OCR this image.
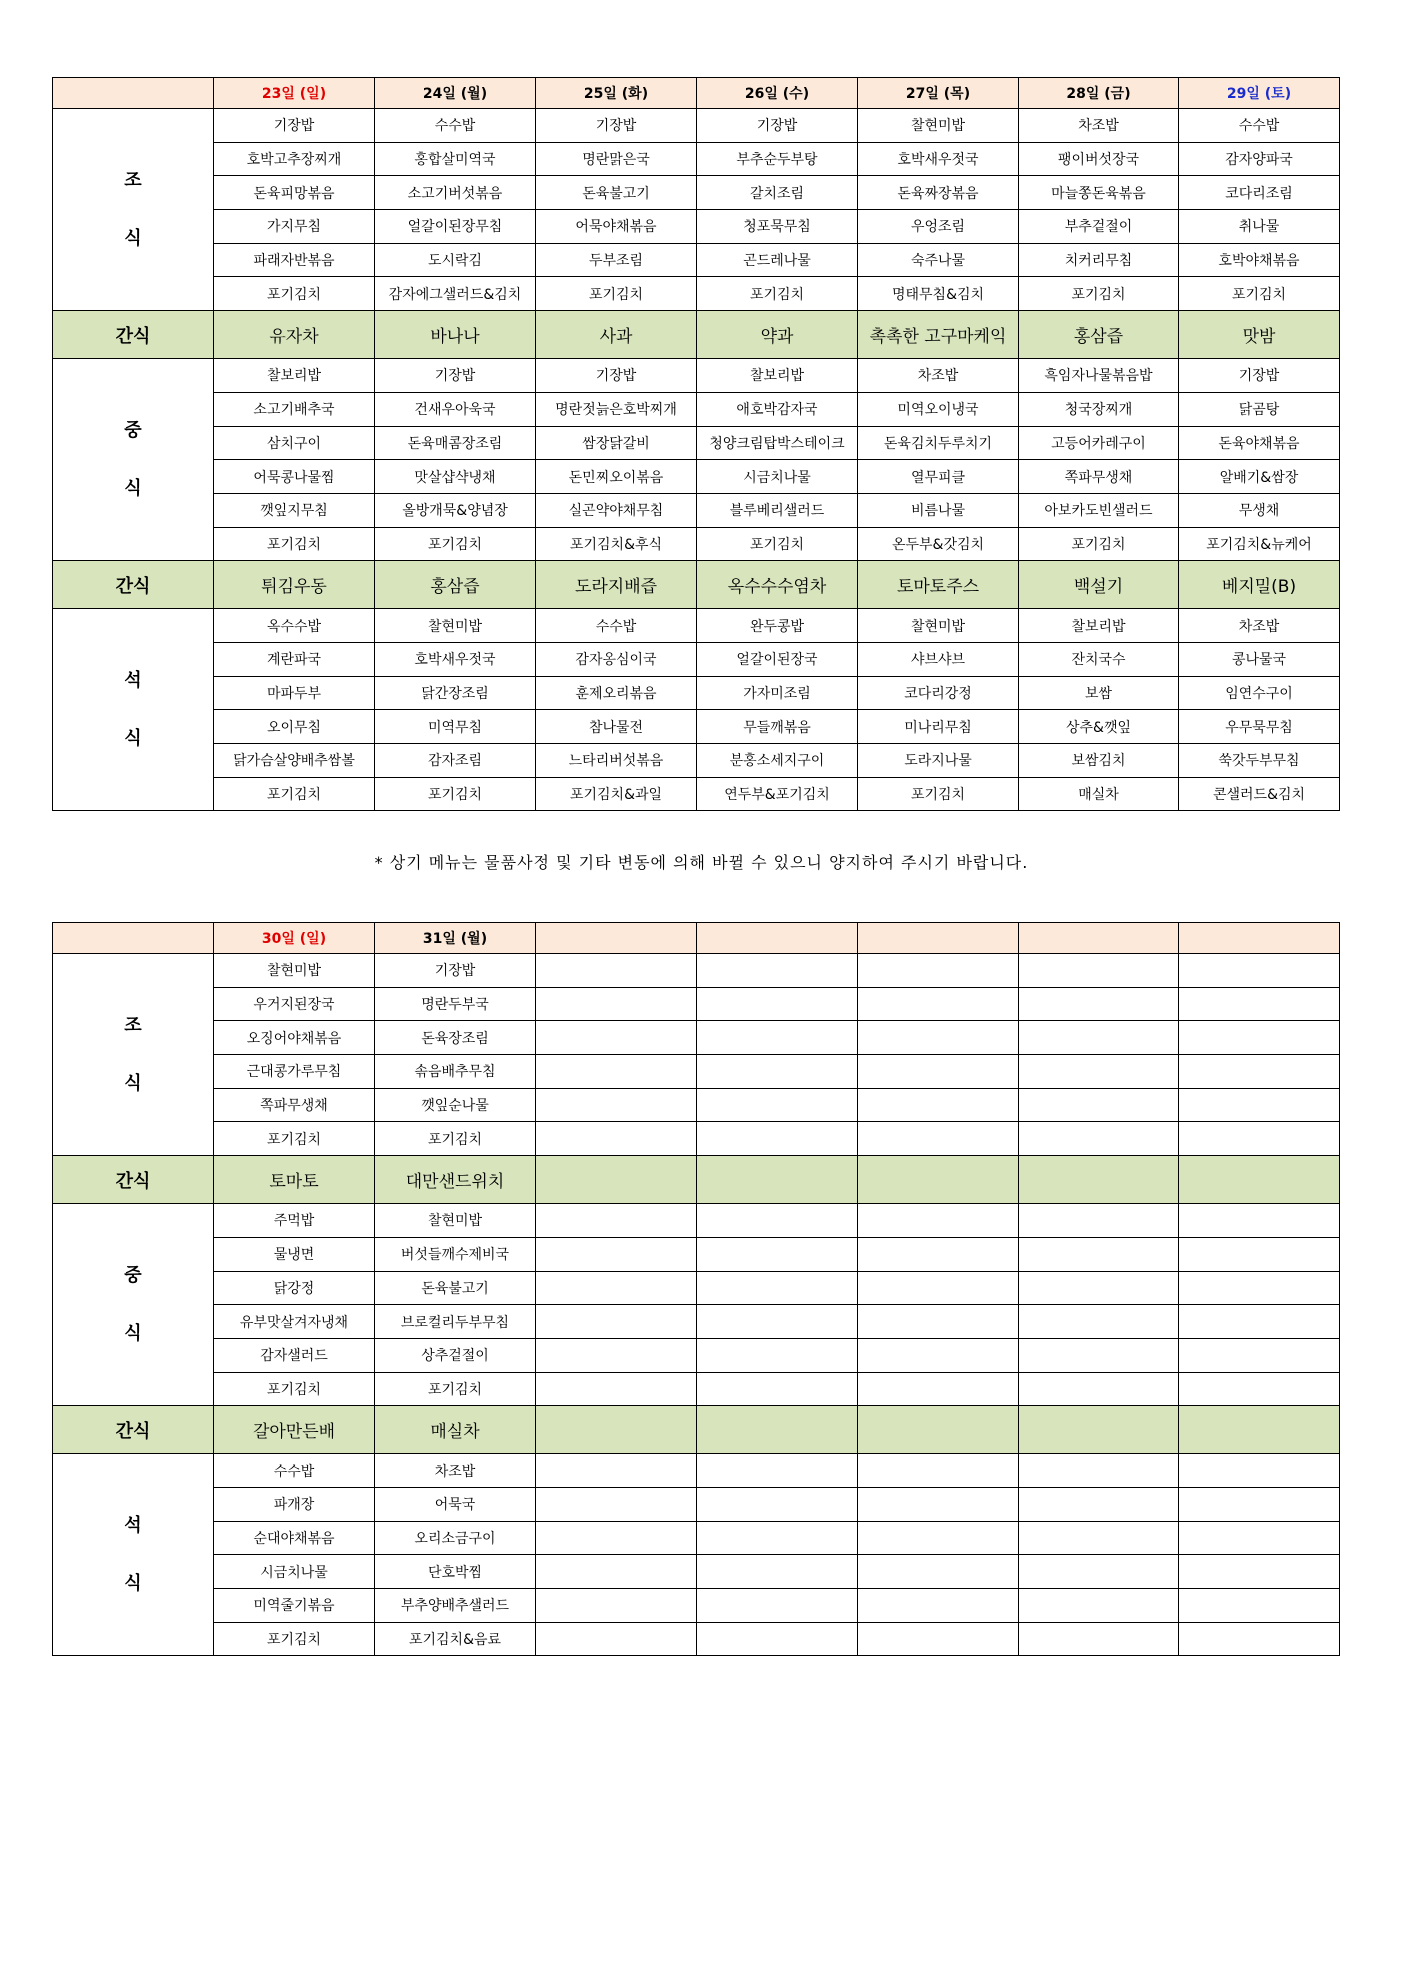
	23일 (일)	24일 (월)	25일 (화)	26일 (수)	27일 (목)	28일 (금)	29일 (토)

조
식	기장밥	수수밥	기장밥	기장밥	찰현미밥	차조밥	수수밥
	호박고추장찌개	홍합살미역국	명란맑은국	부추순두부탕	호박새우젓국	팽이버섯장국	감자양파국
	돈육피망볶음	소고기버섯볶음	돈육불고기	갈치조림	돈육짜장볶음	마늘쫑돈육볶음	코다리조림
	가지무침	얼갈이된장무침	어묵야채볶음	청포묵무침	우엉조림	부추겉절이	취나물
	파래자반볶음	도시락김	두부조림	곤드레나물	숙주나물	치커리무침	호박야채볶음
	포기김치	감자에그샐러드&김치	포기김치	포기김치	명태무침&김치	포기김치	포기김치
간식	유자차	바나나	사과	약과	촉촉한 고구마케익	홍삼즙	맛밤

중
식	찰보리밥	기장밥	기장밥	찰보리밥	차조밥	흑임자나물볶음밥	기장밥
	소고기배추국	건새우아욱국	명란젓늙은호박찌개	애호박감자국	미역오이냉국	청국장찌개	닭곰탕
	삼치구이	돈육매콤장조림	쌈장닭갈비	청양크림탑박스테이크	돈육김치두루치기	고등어카레구이	돈육야채볶음
	어묵콩나물찜	맛살샵샥냉채	돈민찌오이볶음	시금치나물	열무피클	쪽파무생채	알배기&쌈장
	깻잎지무침	올방개묵&양념장	실곤약야채무침	블루베리샐러드	비름나물	아보카도빈샐러드	무생채
	포기김치	포기김치	포기김치&후식	포기김치	온두부&갓김치	포기김치	포기김치&뉴케어
간식	튀김우동	홍삼즙	도라지배즙	옥수수수염차	토마토주스	백설기	베지밀(B)

석
식	옥수수밥	찰현미밥	수수밥	완두콩밥	찰현미밥	찰보리밥	차조밥
	계란파국	호박새우젓국	감자옹심이국	얼갈이된장국	샤브샤브	잔치국수	콩나물국
	마파두부	닭간장조림	훈제오리볶음	가자미조림	코다리강정	보쌈	임연수구이
	오이무침	미역무침	참나물전	무들깨볶음	미나리무침	상추&깻잎	우무묵무침
	닭가슴살양배추쌈볼	감자조림	느타리버섯볶음	분홍소세지구이	도라지나물	보쌈김치	쑥갓두부무침
	포기김치	포기김치	포기김치&과일	연두부&포기김치	포기김치	매실차	콘샐러드&김치
* 상기 메뉴는 물품사정 및 기타 변동에 의해 바뀔 수 있으니 양지하여 주시기 바랍니다.
	30일 (일)	31일 (월)					

조
식	찰현미밥	기장밥					
	우거지된장국	명란두부국					
	오징어야채볶음	돈육장조림					
	근대콩가루무침	솎음배추무침					
	쪽파무생채	깻잎순나물					
	포기김치	포기김치					
간식	토마토	대만샌드위치					

중
식	주먹밥	찰현미밥					
	물냉면	버섯들깨수제비국					
	닭강정	돈육불고기					
	유부맛살겨자냉채	브로컬리두부무침					
	감자샐러드	상추겉절이					
	포기김치	포기김치					
간식	갈아만든배	매실차					

석
식	수수밥	차조밥					
	파개장	어묵국					
	순대야채볶음	오리소금구이					
	시금치나물	단호박찜					
	미역줄기볶음	부추양배추샐러드					
	포기김치	포기김치&음료					
